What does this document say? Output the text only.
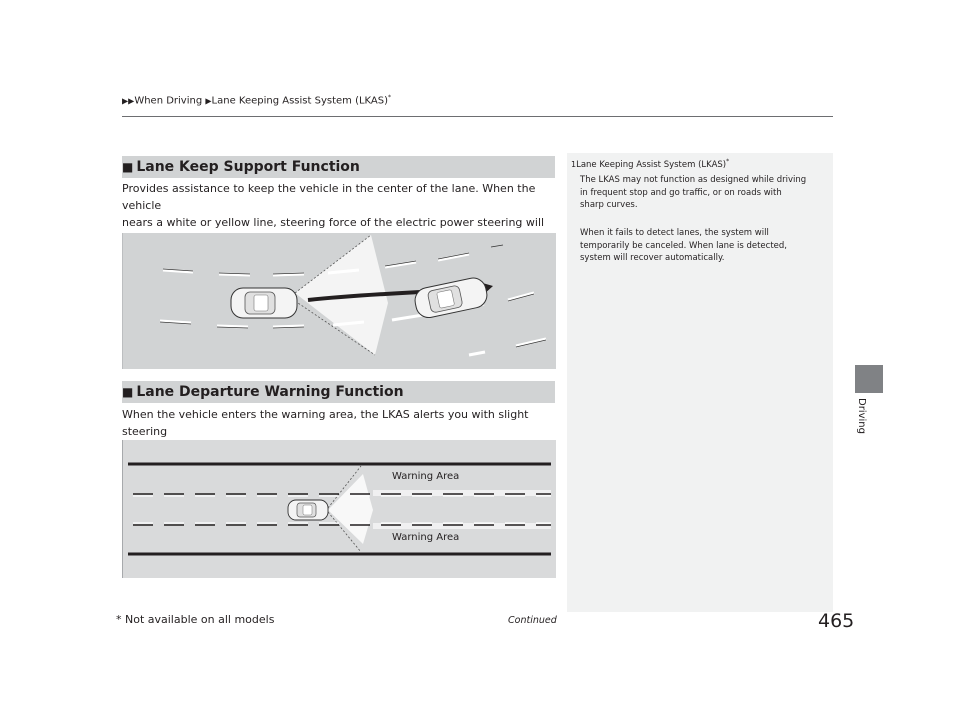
▶▶When Driving ▶Lane Keeping Assist System (LKAS)*
■ Lane Keep Support Function
Provides assistance to keep the vehicle in the center of the lane. When the vehicle
nears a white or yellow line, steering force of the electric power steering will
■ Lane Departure Warning Function
When the vehicle enters the warning area, the LKAS alerts you with slight steering
Warning Area
Warning Area
1Lane Keeping Assist System (LKAS)*
The LKAS may not function as designed while driving
in frequent stop and go traffic, or on roads with
sharp curves.
When it fails to detect lanes, the system will
temporarily be canceled. When lane is detected,
system will recover automatically.
Driving
* Not available on all models	Continued	465
